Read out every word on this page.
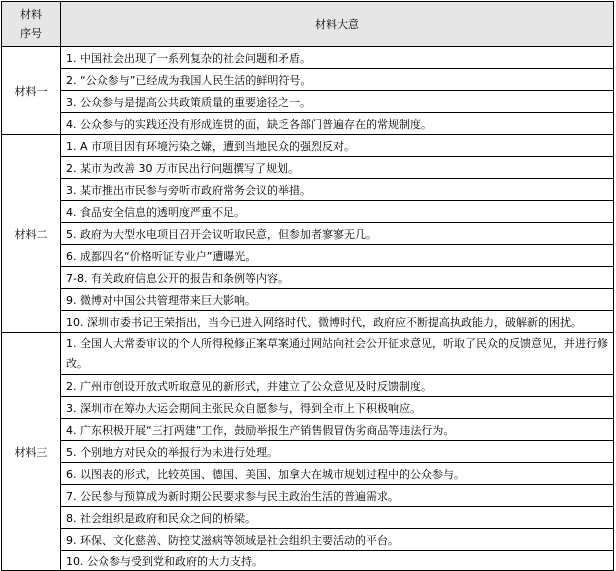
材料
序号	材料大意
材料一	1. 中国社会出现了一系列复杂的社会问题和矛盾。
	2. “公众参与”已经成为我国人民生活的鲜明符号。
	3. 公众参与是提高公共政策质量的重要途径之一。
	4. 公众参与的实践还没有形成连贯的面，缺乏各部门普遍存在的常规制度。
材料二	1. A 市项目因有环境污染之嫌，遭到当地民众的强烈反对。
	2. 某市为改善 30 万市民出行问题撰写了规划。
	3. 某市推出市民参与旁听市政府常务会议的举措。
	4. 食品安全信息的透明度严重不足。
	5. 政府为大型水电项目召开会议听取民意，但参加者寥寥无几。
	6. 成都四名“价格听证专业户”遭曝光。
	7-8. 有关政府信息公开的报告和条例等内容。
	9. 微博对中国公共管理带来巨大影响。
	10. 深圳市委书记王荣指出，当今已进入网络时代、微博时代，政府应不断提高执政能力，破解新的困扰。
材料三	1. 全国人大常委审议的个人所得税修正案草案通过网站向社会公开征求意见，听取了民众的反馈意见，并进行修改。
	2. 广州市创设开放式听取意见的新形式，并建立了公众意见及时反馈制度。
	3. 深圳市在筹办大运会期间主张民众自愿参与，得到全市上下积极响应。
	4. 广东积极开展“三打两建”工作，鼓励举报生产销售假冒伪劣商品等违法行为。
	5. 个别地方对民众的举报行为未进行处理。
	6. 以图表的形式，比较英国、德国、美国、加拿大在城市规划过程中的公众参与。
	7. 公民参与预算成为新时期公民要求参与民主政治生活的普遍需求。
	8. 社会组织是政府和民众之间的桥梁。
	9. 环保、文化慈善、防控艾滋病等领域是社会组织主要活动的平台。
	10. 公众参与受到党和政府的大力支持。
